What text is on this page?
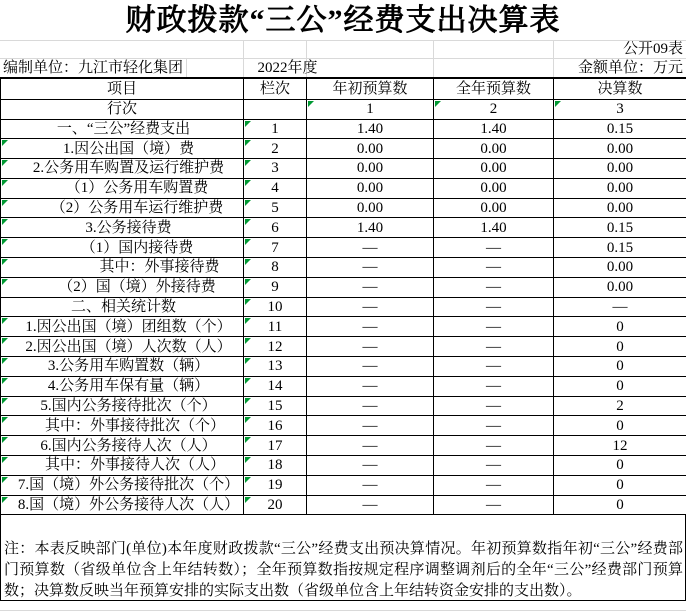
财政拨款“三公”经费支出决算表
公开09表
编制单位：九江市轻化集团	2022年度	金额单位：万元
项目	栏次	年初预算数	全年预算数	决算数
行次		1	2	3
一、“三公”经费支出	1	1.40	1.40	0.15
1.因公出国（境）费	2	0.00	0.00	0.00
2.公务用车购置及运行维护费	3	0.00	0.00	0.00
（1）公务用车购置费	4	0.00	0.00	0.00
（2）公务用车运行维护费	5	0.00	0.00	0.00
3.公务接待费	6	1.40	1.40	0.15
（1）国内接待费	7	—	—	0.15
其中：外事接待费	8	—	—	0.00
（2）国（境）外接待费	9	—	—	0.00
二、相关统计数	10	—	—	—
1.因公出国（境）团组数（个）	11	—	—	0
2.因公出国（境）人次数（人）	12	—	—	0
3.公务用车购置数（辆）	13	—	—	0
4.公务用车保有量（辆）	14	—	—	0
5.国内公务接待批次（个）	15	—	—	2
其中：外事接待批次（个）	16	—	—	0
6.国内公务接待人次（人）	17	—	—	12
其中：外事接待人次（人）	18	—	—	0
7.国（境）外公务接待批次（个）	19	—	—	0
8.国（境）外公务接待人次（人）	20	—	—	0
注：本表反映部门(单位)本年度财政拨款“三公”经费支出预决算情况。年初预算数指年初“三公”经费部门预算数（省级单位含上年结转数）；全年预算数指按规定程序调整调剂后的全年“三公”经费部门预算数；决算数反映当年预算安排的实际支出数（省级单位含上年结转资金安排的支出数）。
